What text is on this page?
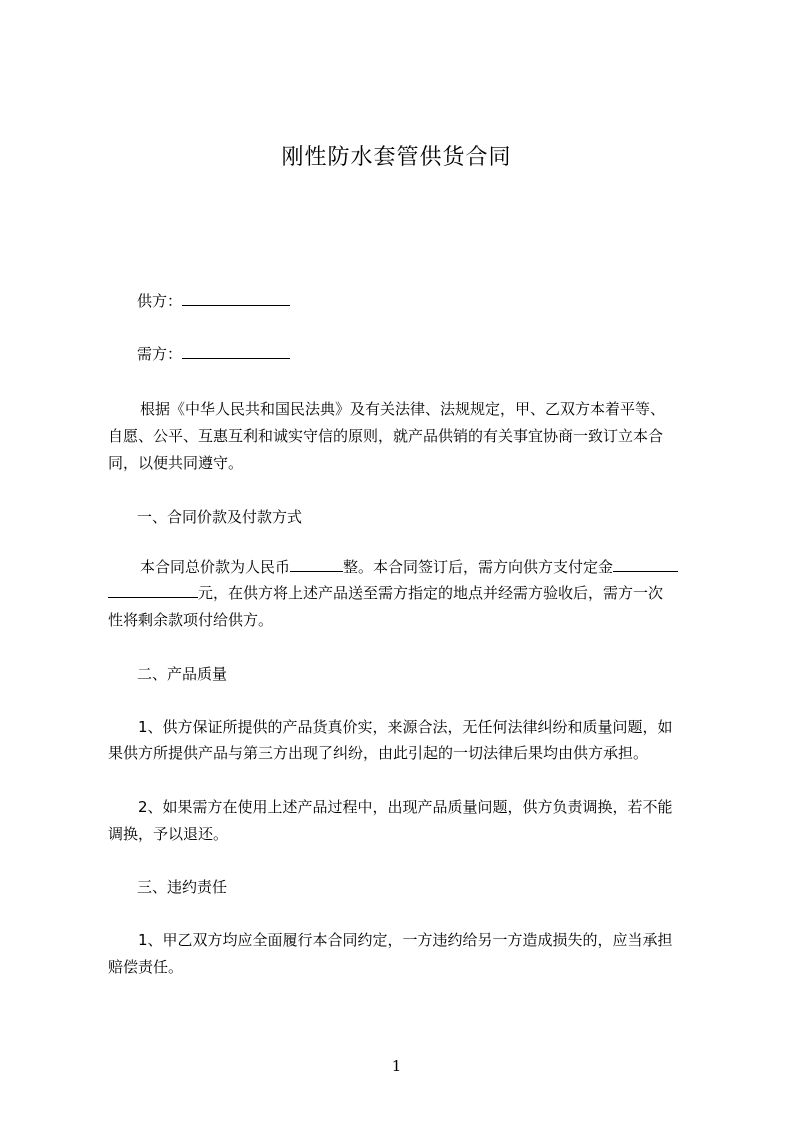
刚性防水套管供货合同
供方：
需方：
根据《中华人民共和国民法典》及有关法律、法规规定，甲、乙双方本着平等、
自愿、公平、互惠互利和诚实守信的原则，就产品供销的有关事宜协商一致订立本合
同，以便共同遵守。
一、合同价款及付款方式
本合同总价款为人民币	整。本合同签订后，需方向供方支付定金
元，在供方将上述产品送至需方指定的地点并经需方验收后，需方一次
性将剩余款项付给供方。
二、产品质量
1、供方保证所提供的产品货真价实，来源合法，无任何法律纠纷和质量问题，如
果供方所提供产品与第三方出现了纠纷，由此引起的一切法律后果均由供方承担。
2、如果需方在使用上述产品过程中，出现产品质量问题，供方负责调换，若不能
调换，予以退还。
三、违约责任
1、甲乙双方均应全面履行本合同约定，一方违约给另一方造成损失的，应当承担
赔偿责任。
1
